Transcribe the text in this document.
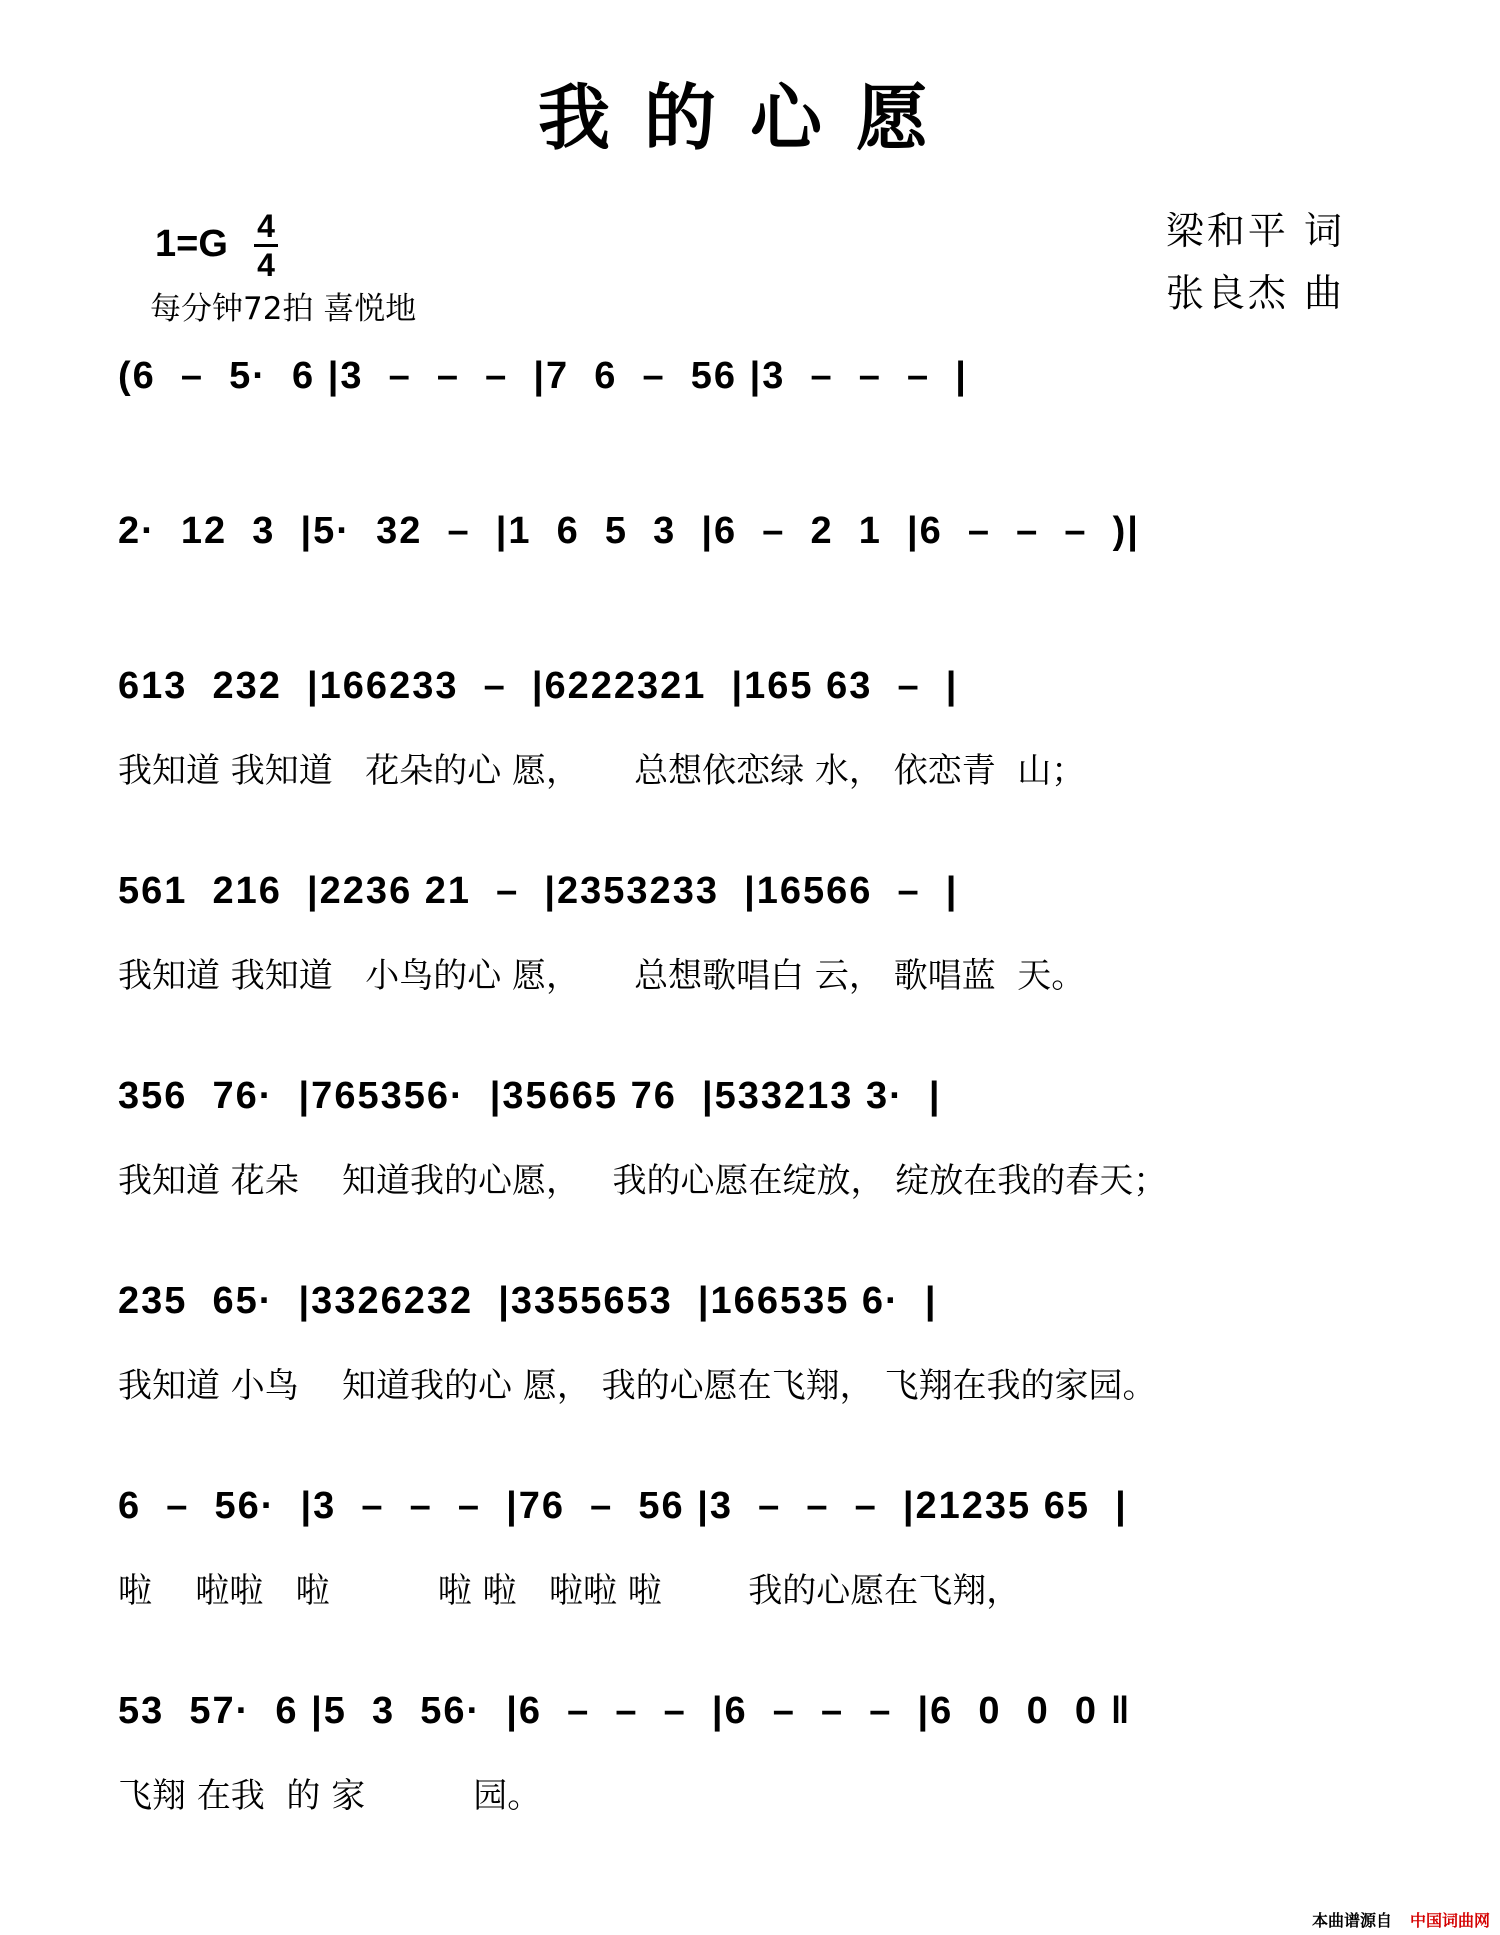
我的心愿
$1=G \frac{4}{4}$
每分钟72拍 喜悦地
梁和平 词
张良杰 曲
(6  –  5·  6 |3  –  –  –  |7  6  –  56 |3  –  –  –  |
2·  12  3  |5·  32  –  |1  6  5  3  |6  –  2  1  |6  –  –  –  )|
613  232  |166233  –  |6222321  |165 63  –  |
我知道 我知道   花朵的心 愿，     总想依恋绿 水， 依恋青  山；
561  216  |2236 21  –  |2353233  |16566  –  |
我知道 我知道   小鸟的心 愿，     总想歌唱白 云， 歌唱蓝  天。
356  76·  |765356·  |35665 76  |533213 3·  |
我知道 花朵    知道我的心愿，   我的心愿在绽放， 绽放在我的春天；
235  65·  |3326232  |3355653  |166535 6·  |
我知道 小鸟    知道我的心 愿， 我的心愿在飞翔， 飞翔在我的家园。
6  –  56·  |3  –  –  –  |76  –  56 |3  –  –  –  |21235 65  |
啦    啦啦   啦          啦 啦   啦啦 啦        我的心愿在飞翔，
53  57·  6 |5  3  56·  |6  –  –  –  |6  –  –  –  |6  0  0  0 ‖
飞翔 在我  的 家          园。
本曲谱源自 中国词曲网
